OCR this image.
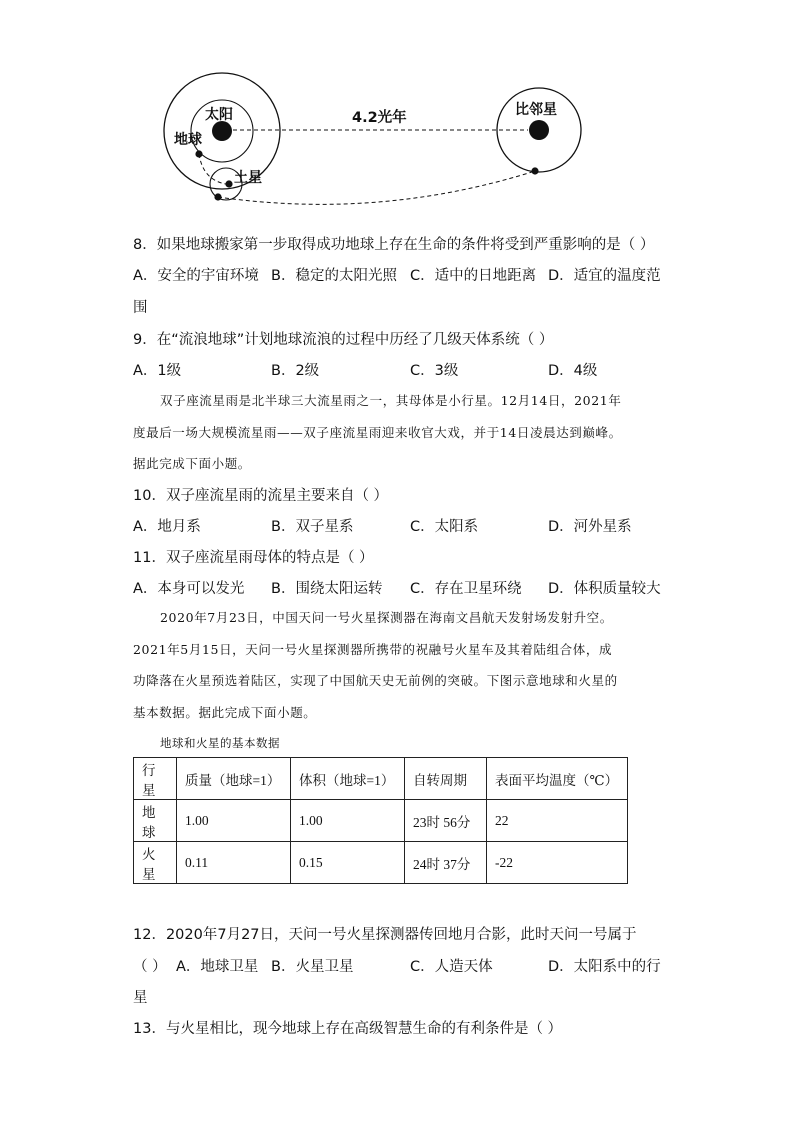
太阳
地球
土星
4.2光年	比邻星
8．如果地球搬家第一步取得成功地球上存在生命的条件将受到严重影响的是（ ）
A．安全的宇宙环境 B．稳定的太阳光照 C．适中的日地距离 D．适宜的温度范
围
9．在“流浪地球”计划地球流浪的过程中历经了几级天体系统（ ）
A．1级	B．2级	C．3级	D．4级
双子座流星雨是北半球三大流星雨之一，其母体是小行星。12月14日，2021年
度最后一场大规模流星雨——双子座流星雨迎来收官大戏，并于14日凌晨达到巅峰。
据此完成下面小题。
10．双子座流星雨的流星主要来自（ ）
A．地月系	B．双子星系	C．太阳系	D．河外星系
11．双子座流星雨母体的特点是（ ）
A．本身可以发光 B．围绕太阳运转 C．存在卫星环绕 D．体积质量较大
2020年7月23日，中国天问一号火星探测器在海南文昌航天发射场发射升空。
2021年5月15日，天问一号火星探测器所携带的祝融号火星车及其着陆组合体，成
功降落在火星预选着陆区，实现了中国航天史无前例的突破。下图示意地球和火星的
基本数据。据此完成下面小题。
地球和火星的基本数据
行星	质量（地球=1）	体积（地球=1）	自转周期	表面平均温度（℃）
地球	1.00	1.00	23时 56分	22
火星	0.11	0.15	24时 37分	-22
12．2020年7月27日，天问一号火星探测器传回地月合影，此时天问一号属于
（ ） A．地球卫星 B．火星卫星	C．人造天体	D．太阳系中的行
星
13．与火星相比，现今地球上存在高级智慧生命的有利条件是（ ）
